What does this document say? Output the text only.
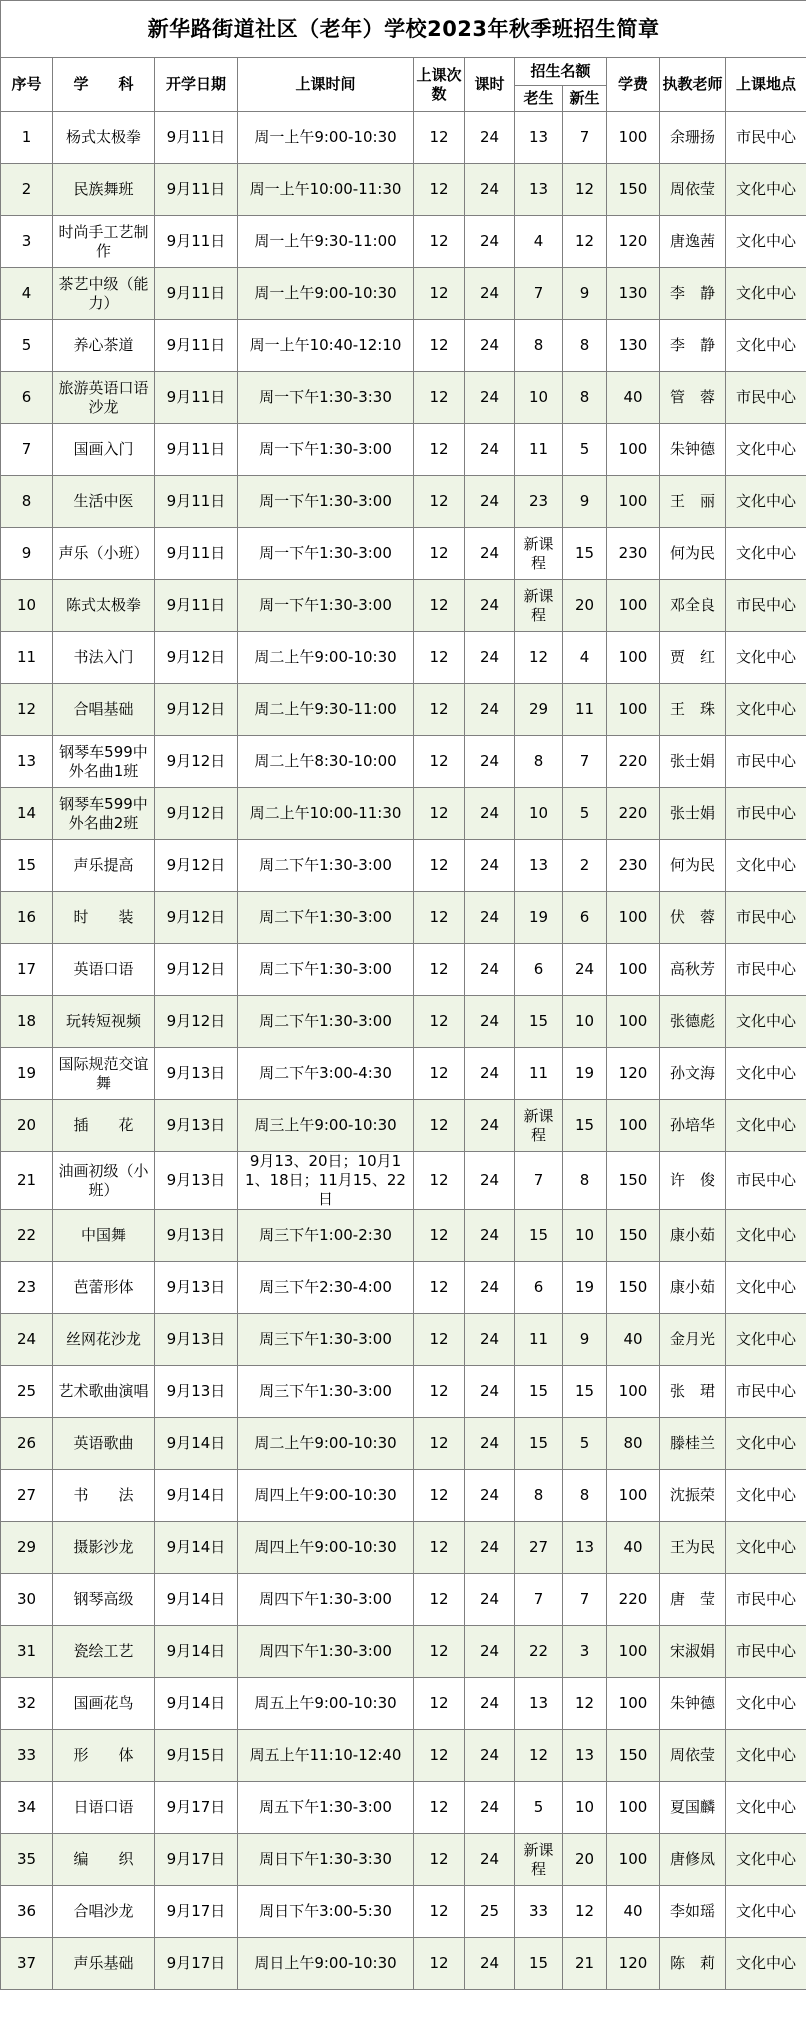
新华路街道社区（老年）学校2023年秋季班招生简章										
序号	学　　科	开学日期	上课时间	上课次数	课时	招生名额		学费	执教老师	上课地点
						老生	新生			
1	杨式太极拳	9月11日	周一上午9:00-10:30	12	24	13	7	100	余珊扬	市民中心
2	民族舞班	9月11日	周一上午10:00-11:30	12	24	13	12	150	周依莹	文化中心
3	时尚手工艺制作	9月11日	周一上午9:30-11:00	12	24	4	12	120	唐逸茜	文化中心
4	茶艺中级（能力）	9月11日	周一上午9:00-10:30	12	24	7	9	130	李　静	文化中心
5	养心茶道	9月11日	周一上午10:40-12:10	12	24	8	8	130	李　静	文化中心
6	旅游英语口语沙龙	9月11日	周一下午1:30-3:30	12	24	10	8	40	管　蓉	市民中心
7	国画入门	9月11日	周一下午1:30-3:00	12	24	11	5	100	朱钟德	文化中心
8	生活中医	9月11日	周一下午1:30-3:00	12	24	23	9	100	王　丽	文化中心
9	声乐（小班）	9月11日	周一下午1:30-3:00	12	24	新课程	15	230	何为民	文化中心
10	陈式太极拳	9月11日	周一下午1:30-3:00	12	24	新课程	20	100	邓全良	市民中心
11	书法入门	9月12日	周二上午9:00-10:30	12	24	12	4	100	贾　红	文化中心
12	合唱基础	9月12日	周二上午9:30-11:00	12	24	29	11	100	王　珠	文化中心
13	钢琴车599中外名曲1班	9月12日	周二上午8:30-10:00	12	24	8	7	220	张士娟	市民中心
14	钢琴车599中外名曲2班	9月12日	周二上午10:00-11:30	12	24	10	5	220	张士娟	市民中心
15	声乐提高	9月12日	周二下午1:30-3:00	12	24	13	2	230	何为民	文化中心
16	时　　装	9月12日	周二下午1:30-3:00	12	24	19	6	100	伏　蓉	市民中心
17	英语口语	9月12日	周二下午1:30-3:00	12	24	6	24	100	高秋芳	市民中心
18	玩转短视频	9月12日	周二下午1:30-3:00	12	24	15	10	100	张德彪	文化中心
19	国际规范交谊舞	9月13日	周二下午3:00-4:30	12	24	11	19	120	孙文海	文化中心
20	插　　花	9月13日	周三上午9:00-10:30	12	24	新课程	15	100	孙培华	文化中心
21	油画初级（小班）	9月13日	9月13、20日；10月11、18日；11月15、22日	12	24	7	8	150	许　俊	市民中心
22	中国舞	9月13日	周三下午1:00-2:30	12	24	15	10	150	康小茹	文化中心
23	芭蕾形体	9月13日	周三下午2:30-4:00	12	24	6	19	150	康小茹	文化中心
24	丝网花沙龙	9月13日	周三下午1:30-3:00	12	24	11	9	40	金月光	文化中心
25	艺术歌曲演唱	9月13日	周三下午1:30-3:00	12	24	15	15	100	张　珺	市民中心
26	英语歌曲	9月14日	周二上午9:00-10:30	12	24	15	5	80	滕桂兰	文化中心
27	书　　法	9月14日	周四上午9:00-10:30	12	24	8	8	100	沈振荣	文化中心
29	摄影沙龙	9月14日	周四上午9:00-10:30	12	24	27	13	40	王为民	文化中心
30	钢琴高级	9月14日	周四下午1:30-3:00	12	24	7	7	220	唐　莹	市民中心
31	瓷绘工艺	9月14日	周四下午1:30-3:00	12	24	22	3	100	宋淑娟	市民中心
32	国画花鸟	9月14日	周五上午9:00-10:30	12	24	13	12	100	朱钟德	文化中心
33	形　　体	9月15日	周五上午11:10-12:40	12	24	12	13	150	周依莹	文化中心
34	日语口语	9月17日	周五下午1:30-3:00	12	24	5	10	100	夏国麟	文化中心
35	编　　织	9月17日	周日下午1:30-3:30	12	24	新课程	20	100	唐修凤	文化中心
36	合唱沙龙	9月17日	周日下午3:00-5:30	12	25	33	12	40	李如瑶	文化中心
37	声乐基础	9月17日	周日上午9:00-10:30	12	24	15	21	120	陈　莉	文化中心
